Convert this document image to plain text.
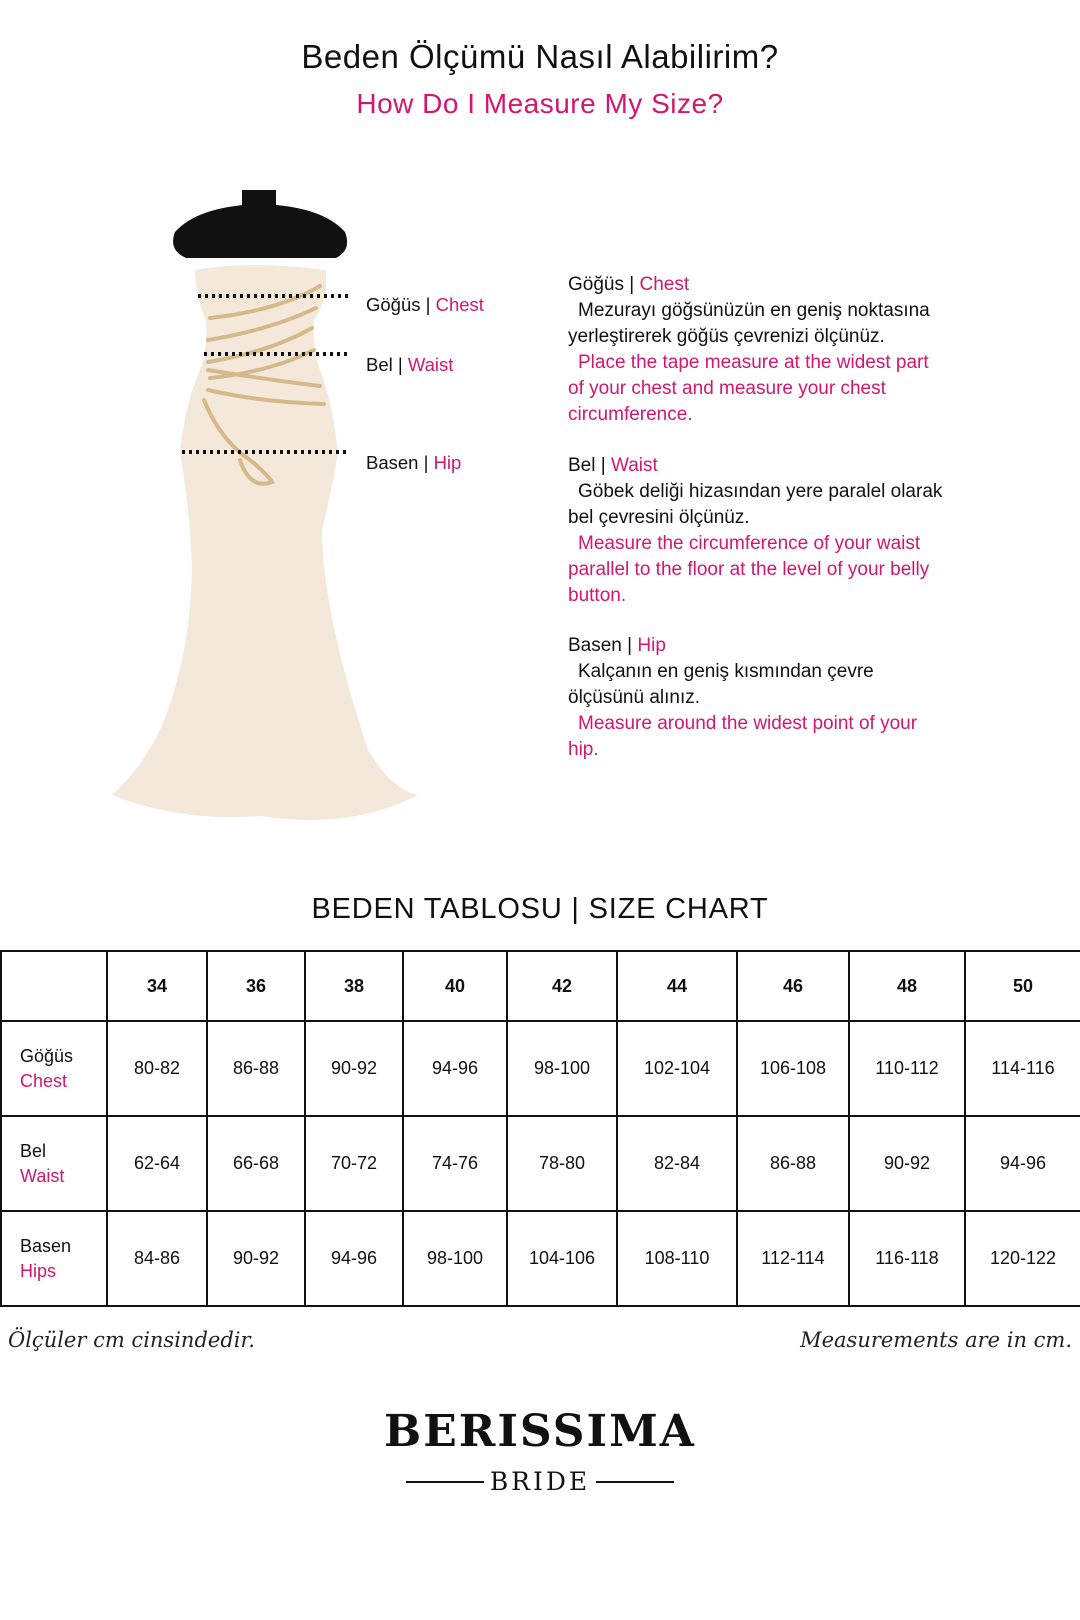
Beden Ölçümü Nasıl Alabilirim?
How Do I Measure My Size?
Göğüs | Chest
Bel | Waist
Basen | Hip
Göğüs | Chest
Mezurayı göğsünüzün en geniş noktasına
yerleştirerek göğüs çevrenizi ölçünüz.
Place the tape measure at the widest part
of your chest and measure your chest
circumference.
Bel | Waist
Göbek deliği hizasından yere paralel olarak
bel çevresini ölçünüz.
Measure the circumference of your waist
parallel to the floor at the level of your belly
button.
Basen | Hip
Kalçanın en geniş kısmından çevre
ölçüsünü alınız.
Measure around the widest point of your
hip.
BEDEN TABLOSU | SIZE CHART
	34	36	38	40	42	44	46	48	50
Göğüs
Chest	80-82	86-88	90-92	94-96	98-100	102-104	106-108	110-112	114-116
Bel
Waist	62-64	66-68	70-72	74-76	78-80	82-84	86-88	90-92	94-96
Basen
Hips	84-86	90-92	94-96	98-100	104-106	108-110	112-114	116-118	120-122
Ölçüler cm cinsindedir.	Measurements are in cm.
BERISSIMA
BRIDE
